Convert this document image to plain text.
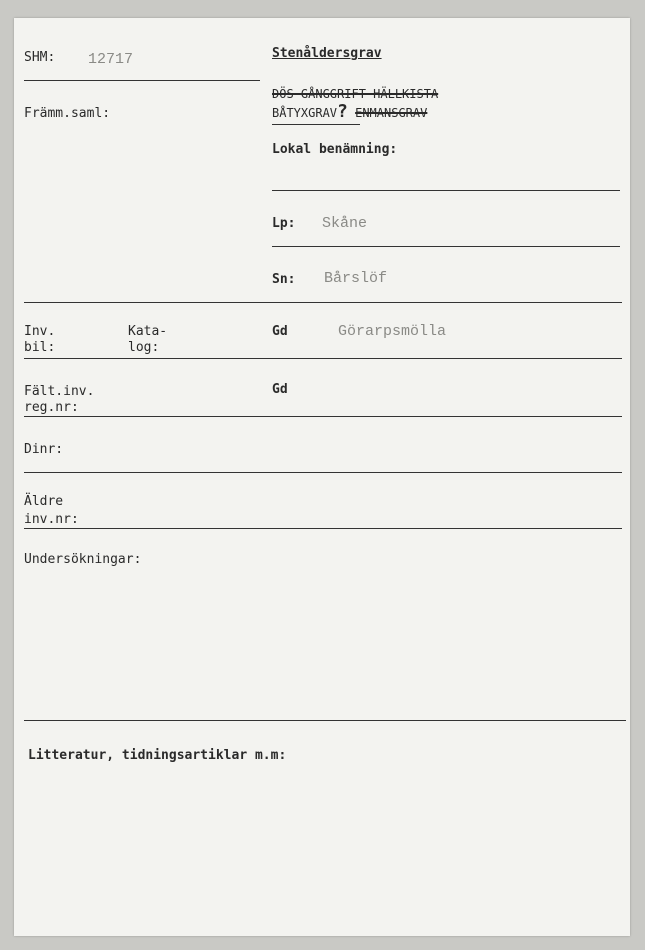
SHM: 12717	Stenåldersgrav
DÖS GÅNGGRIFT HÄLLKISTA
BÅTYXGRAV? ENMANSGRAV
Främm.saml:
Lokal benämning:
Lp: Skåne
Sn: Bårslöf
Inv.
bil:
Kata-
log:
Gd	Görarpsmölla
Fält.inv.
reg.nr:
Gd
Dinr:
Äldre
inv.nr:
Undersökningar:
Litteratur, tidningsartiklar m.m:
